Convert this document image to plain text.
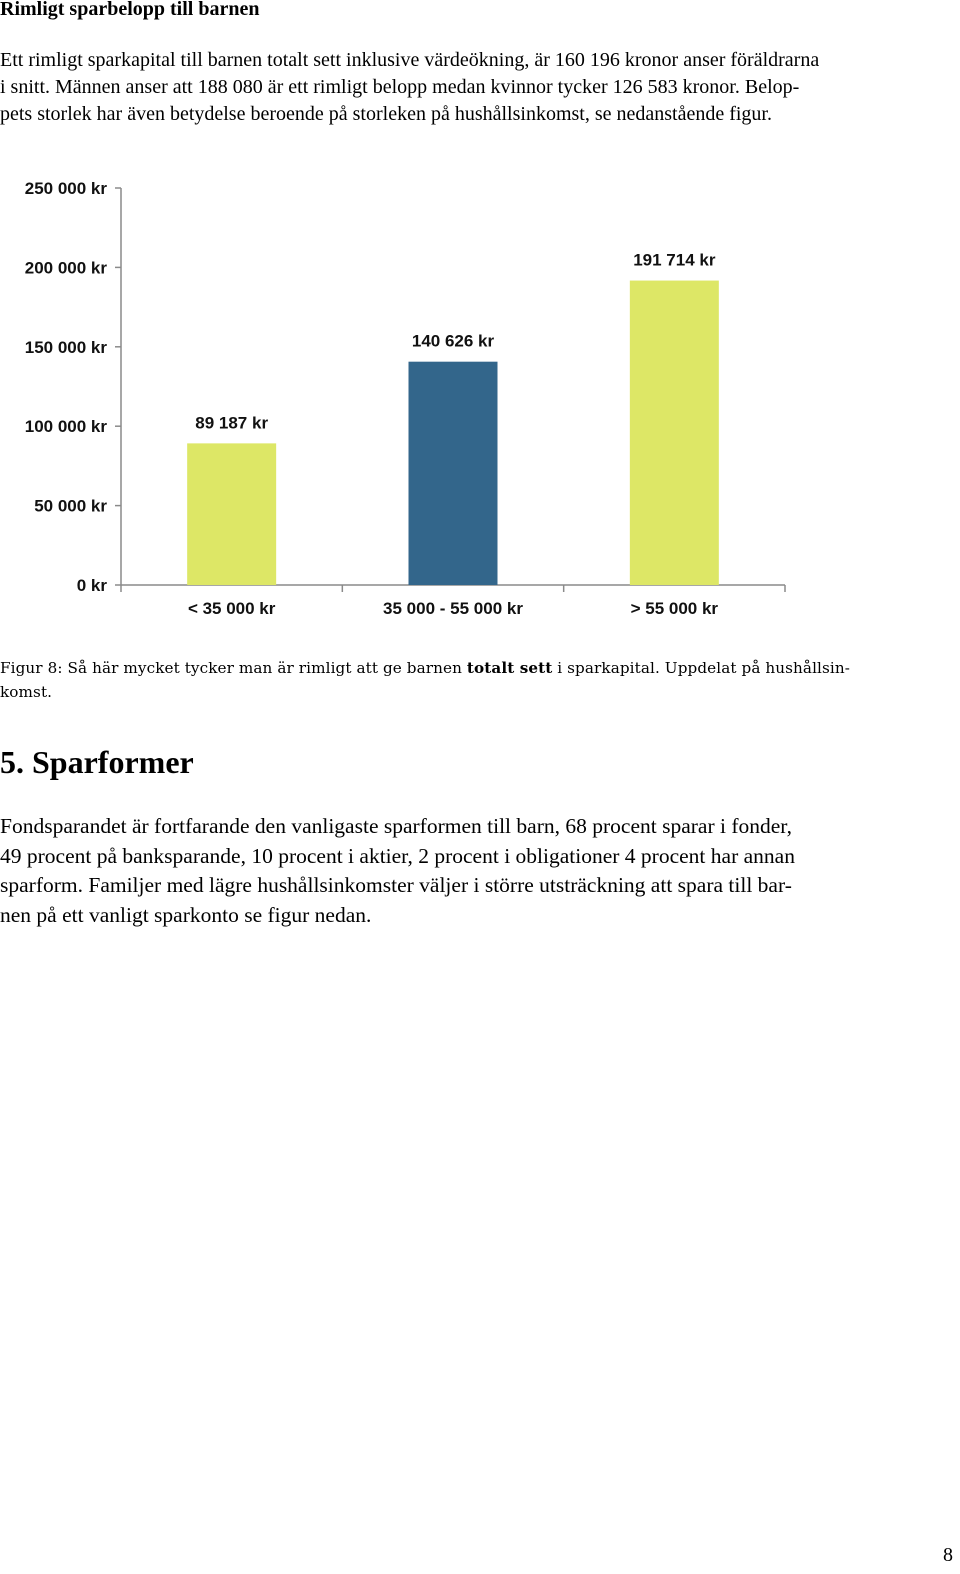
Rimligt sparbelopp till barnen

Ett rimligt sparkapital till barnen totalt sett inklusive värdeökning, är 160 196 kronor anser föräldrarna
i snitt. Männen anser att 188 080 är ett rimligt belopp medan kvinnor tycker 126 583 kronor. Belop-
pets storlek har även betydelse beroende på storleken på hushållsinkomst, se nedanstående figur.

0 kr
50 000 kr
100 000 kr
150 000 kr
200 000 kr
250 000 kr
89 187 kr
< 35 000 kr
140 626 kr
35 000 - 55 000 kr
191 714 kr
> 55 000 kr

Figur 8: Så här mycket tycker man är rimligt att ge barnen totalt sett i sparkapital. Uppdelat på hushållsin-
komst.

5. Sparformer

Fondsparandet är fortfarande den vanligaste sparformen till barn, 68 procent sparar i fonder,
49 procent på banksparande, 10 procent i aktier, 2 procent i obligationer 4 procent har annan
sparform. Familjer med lägre hushållsinkomster väljer i större utsträckning att spara till bar-
nen på ett vanligt sparkonto se figur nedan.

8
